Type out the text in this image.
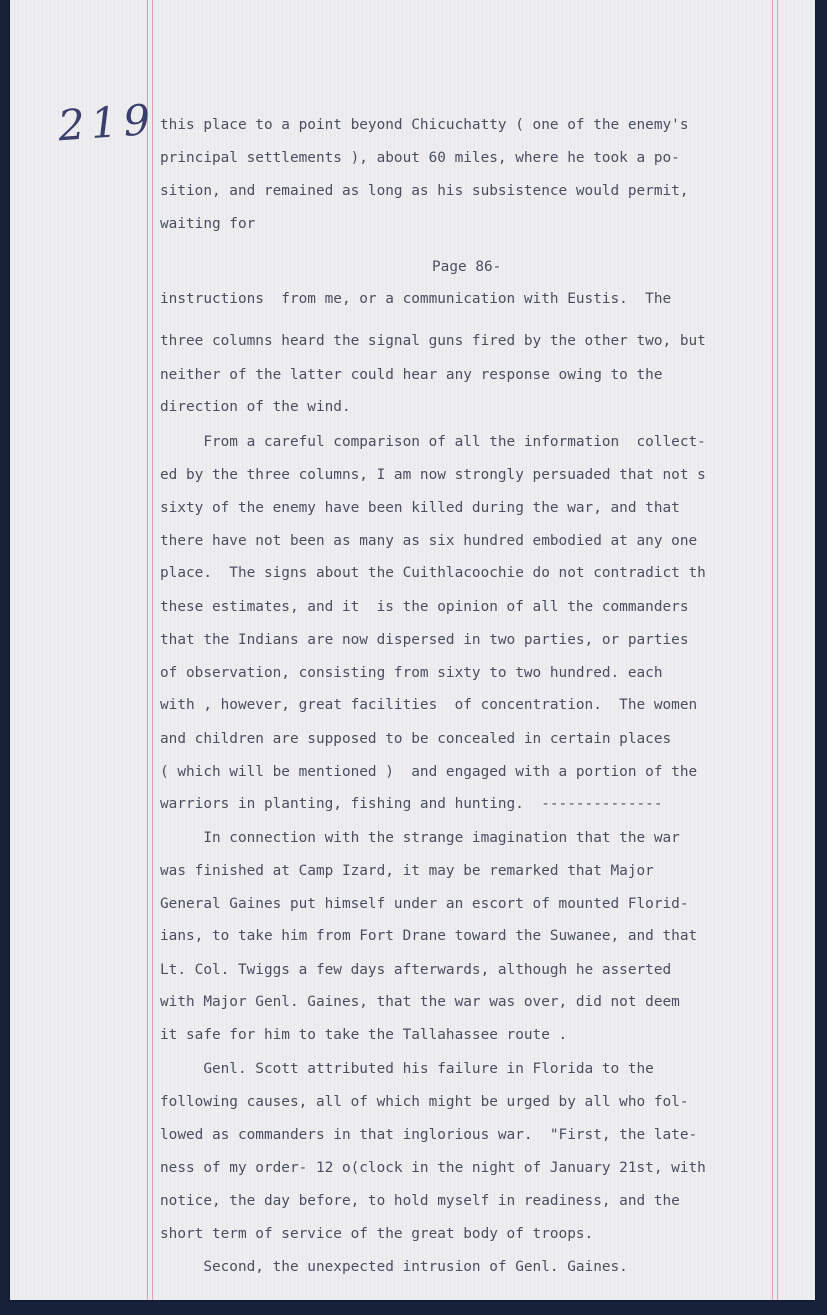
219

this place to a point beyond Chicuchatty ( one of the enemy's

principal settlements ), about 60 miles, where he took a po-

sition, and remained as long as his subsistence would permit,

waiting for

Page 86-

instructions  from me, or a communication with Eustis.  The

three columns heard the signal guns fired by the other two, but

neither of the latter could hear any response owing to the

direction of the wind.

From a careful comparison of all the information  collect-

ed by the three columns, I am now strongly persuaded that not s

sixty of the enemy have been killed during the war, and that

there have not been as many as six hundred embodied at any one

place.  The signs about the Cuithlacoochie do not contradict th

these estimates, and it  is the opinion of all the commanders

that the Indians are now dispersed in two parties, or parties

of observation, consisting from sixty to two hundred. each

with , however, great facilities  of concentration.  The women

and children are supposed to be concealed in certain places

( which will be mentioned )  and engaged with a portion of the

warriors in planting, fishing and hunting.  --------------

In connection with the strange imagination that the war

was finished at Camp Izard, it may be remarked that Major

General Gaines put himself under an escort of mounted Florid-

ians, to take him from Fort Drane toward the Suwanee, and that

Lt. Col. Twiggs a few days afterwards, although he asserted

with Major Genl. Gaines, that the war was over, did not deem

it safe for him to take the Tallahassee route .

Genl. Scott attributed his failure in Florida to the

following causes, all of which might be urged by all who fol-

lowed as commanders in that inglorious war.  "First, the late-

ness of my order- 12 o(clock in the night of January 21st, with

notice, the day before, to hold myself in readiness, and the

short term of service of the great body of troops.

Second, the unexpected intrusion of Genl. Gaines.
